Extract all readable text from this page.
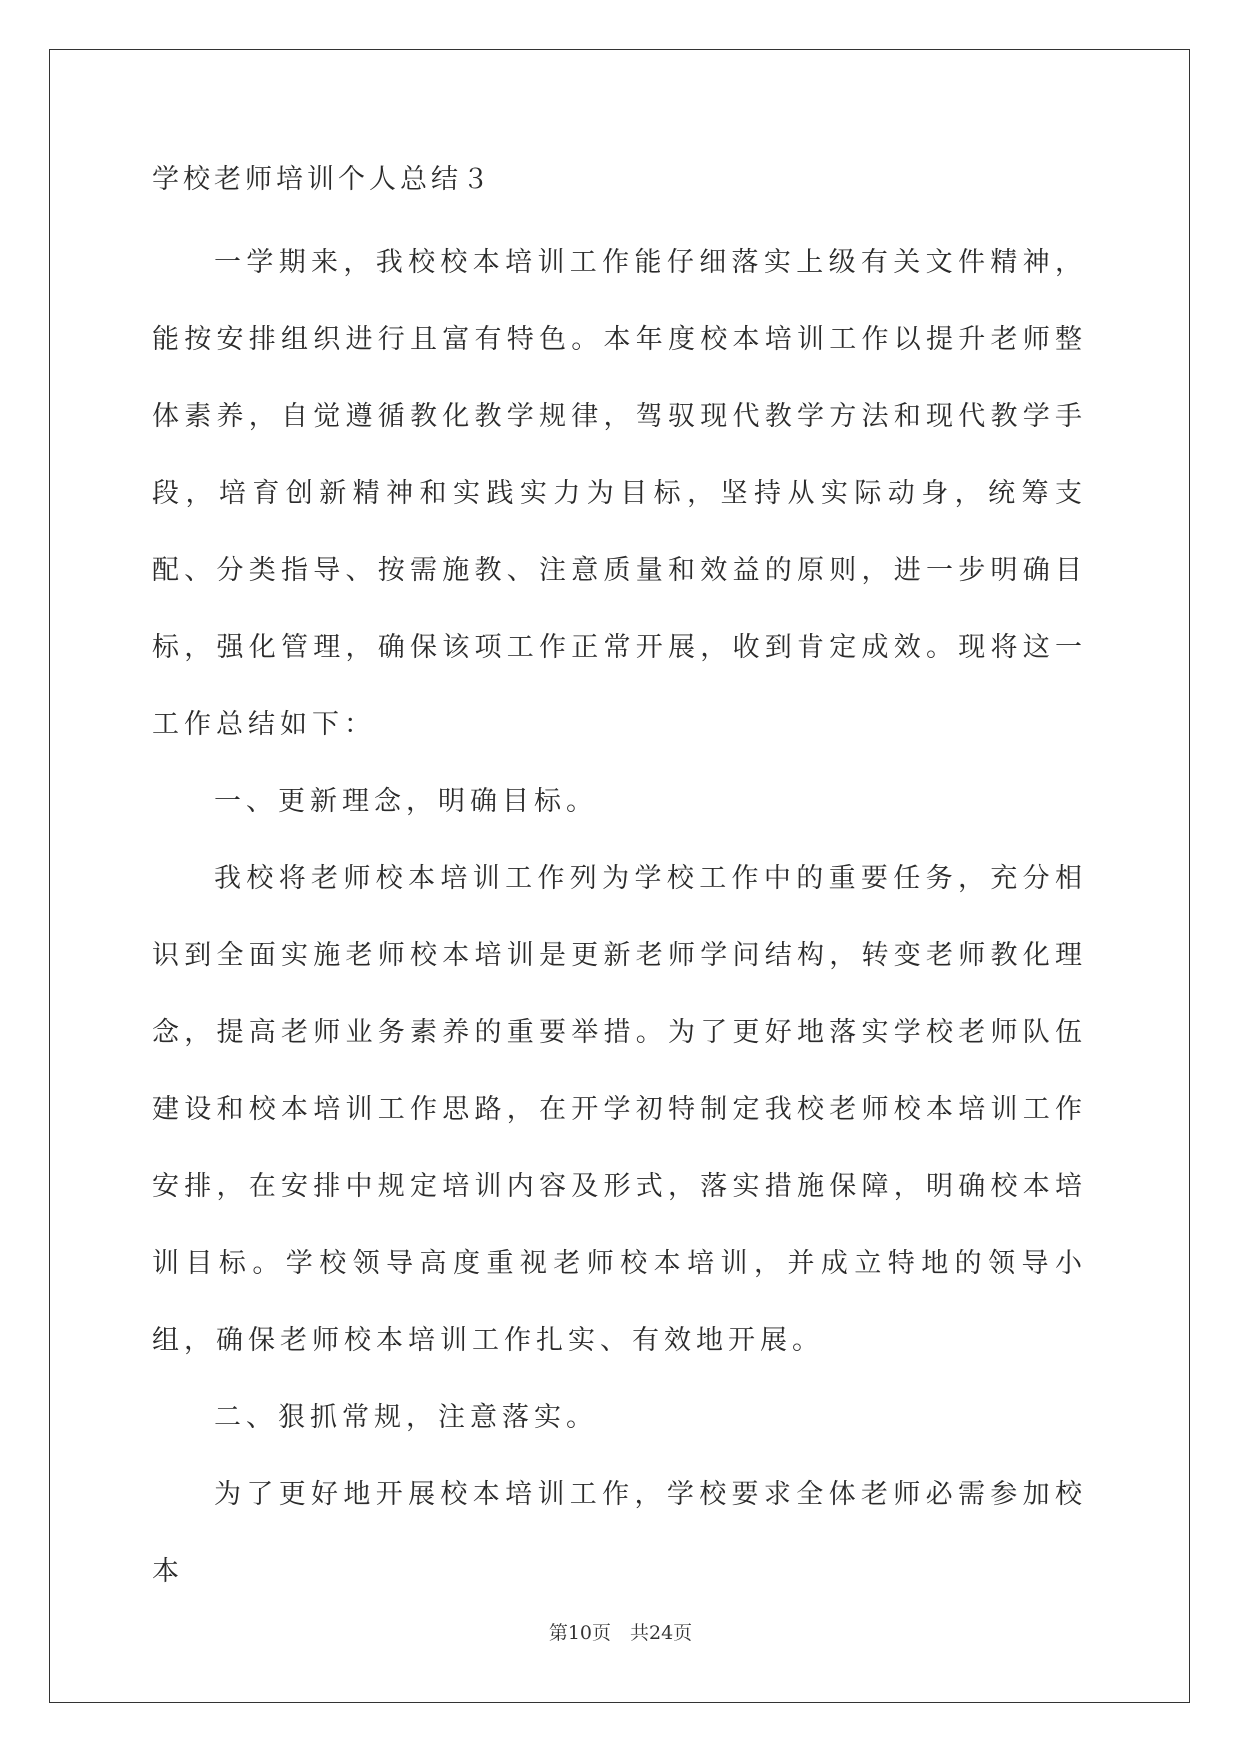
学校老师培训个人总结３

一学期来，我校校本培训工作能仔细落实上级有关文件精神，能按安排组织进行且富有特色。本年度校本培训工作以提升老师整体素养，自觉遵循教化教学规律，驾驭现代教学方法和现代教学手段，培育创新精神和实践实力为目标，坚持从实际动身，统筹支配、分类指导、按需施教、注意质量和效益的原则，进一步明确目标，强化管理，确保该项工作正常开展，收到肯定成效。现将这一工作总结如下：

一、更新理念，明确目标。

我校将老师校本培训工作列为学校工作中的重要任务，充分相识到全面实施老师校本培训是更新老师学问结构，转变老师教化理念，提高老师业务素养的重要举措。为了更好地落实学校老师队伍建设和校本培训工作思路，在开学初特制定我校老师校本培训工作安排，在安排中规定培训内容及形式，落实措施保障，明确校本培训目标。学校领导高度重视老师校本培训，并成立特地的领导小组，确保老师校本培训工作扎实、有效地开展。

二、狠抓常规，注意落实。

为了更好地开展校本培训工作，学校要求全体老师必需参加校本

第10页　共24页
